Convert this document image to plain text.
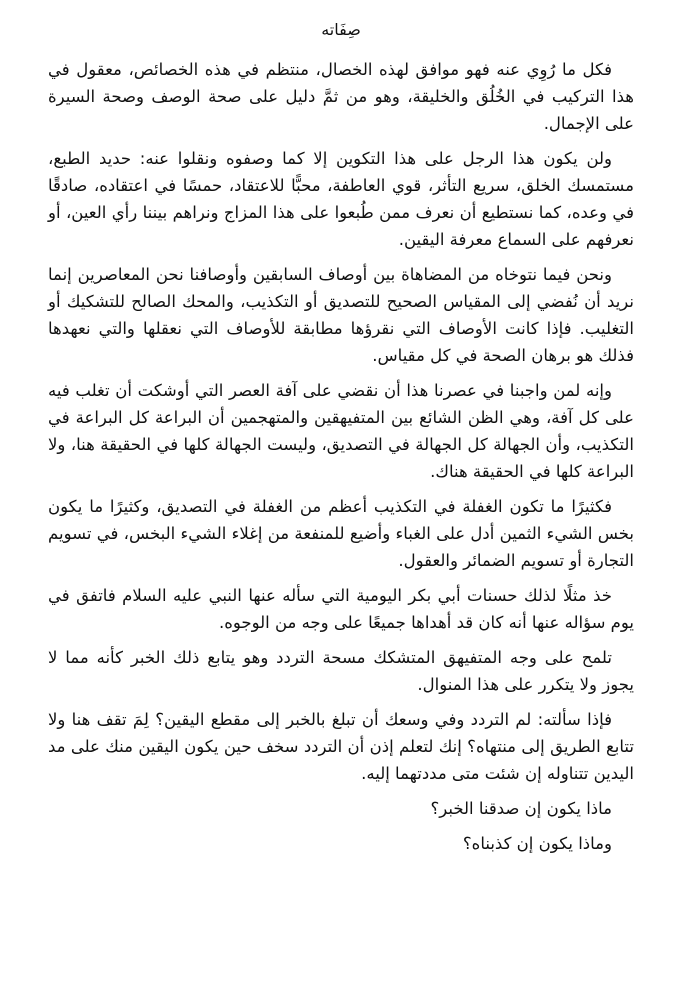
صِفَاته

فكل ما رُوِي عنه فهو موافق لهذه الخصال، منتظم في هذه الخصائص، معقول في هذا التركيب في الخُلُق والخليقة، وهو من ثمَّ دليل على صحة الوصف وصحة السيرة على الإجمال.

ولن يكون هذا الرجل على هذا التكوين إلا كما وصفوه ونقلوا عنه: حديد الطبع، مستمسك الخلق، سريع التأثر، قوي العاطفة، محبًّا للاعتقاد، حمسًا في اعتقاده، صادقًا في وعده، كما نستطيع أن نعرف ممن طُبعوا على هذا المزاج ونراهم بيننا رأي العين، أو نعرفهم على السماع معرفة اليقين.

ونحن فيما نتوخاه من المضاهاة بين أوصاف السابقين وأوصافنا نحن المعاصرين إنما نريد أن نُفضي إلى المقياس الصحيح للتصديق أو التكذيب، والمحك الصالح للتشكيك أو التغليب. فإذا كانت الأوصاف التي نقرؤها مطابقة للأوصاف التي نعقلها والتي نعهدها فذلك هو برهان الصحة في كل مقياس.

وإنه لمن واجبنا في عصرنا هذا أن نقضي على آفة العصر التي أوشكت أن تغلب فيه على كل آفة، وهي الظن الشائع بين المتفيهقين والمتهجمين أن البراعة كل البراعة في التكذيب، وأن الجهالة كل الجهالة في التصديق، وليست الجهالة كلها في الحقيقة هنا، ولا البراعة كلها في الحقيقة هناك.

فكثيرًا ما تكون الغفلة في التكذيب أعظم من الغفلة في التصديق، وكثيرًا ما يكون بخس الشيء الثمين أدل على الغباء وأضيع للمنفعة من إغلاء الشيء البخس، في تسويم التجارة أو تسويم الضمائر والعقول.

خذ مثلًا لذلك حسنات أبي بكر اليومية التي سأله عنها النبي عليه السلام فاتفق في يوم سؤاله عنها أنه كان قد أهداها جميعًا على وجه من الوجوه.

تلمح على وجه المتفيهق المتشكك مسحة التردد وهو يتابع ذلك الخبر كأنه مما لا يجوز ولا يتكرر على هذا المنوال.

فإذا سألته: لم التردد وفي وسعك أن تبلغ بالخبر إلى مقطع اليقين؟ لِمَ تقف هنا ولا تتابع الطريق إلى منتهاه؟ إنك لتعلم إذن أن التردد سخف حين يكون اليقين منك على مد اليدين تتناوله إن شئت متى مددتهما إليه.

ماذا يكون إن صدقنا الخبر؟

وماذا يكون إن كذبناه؟
